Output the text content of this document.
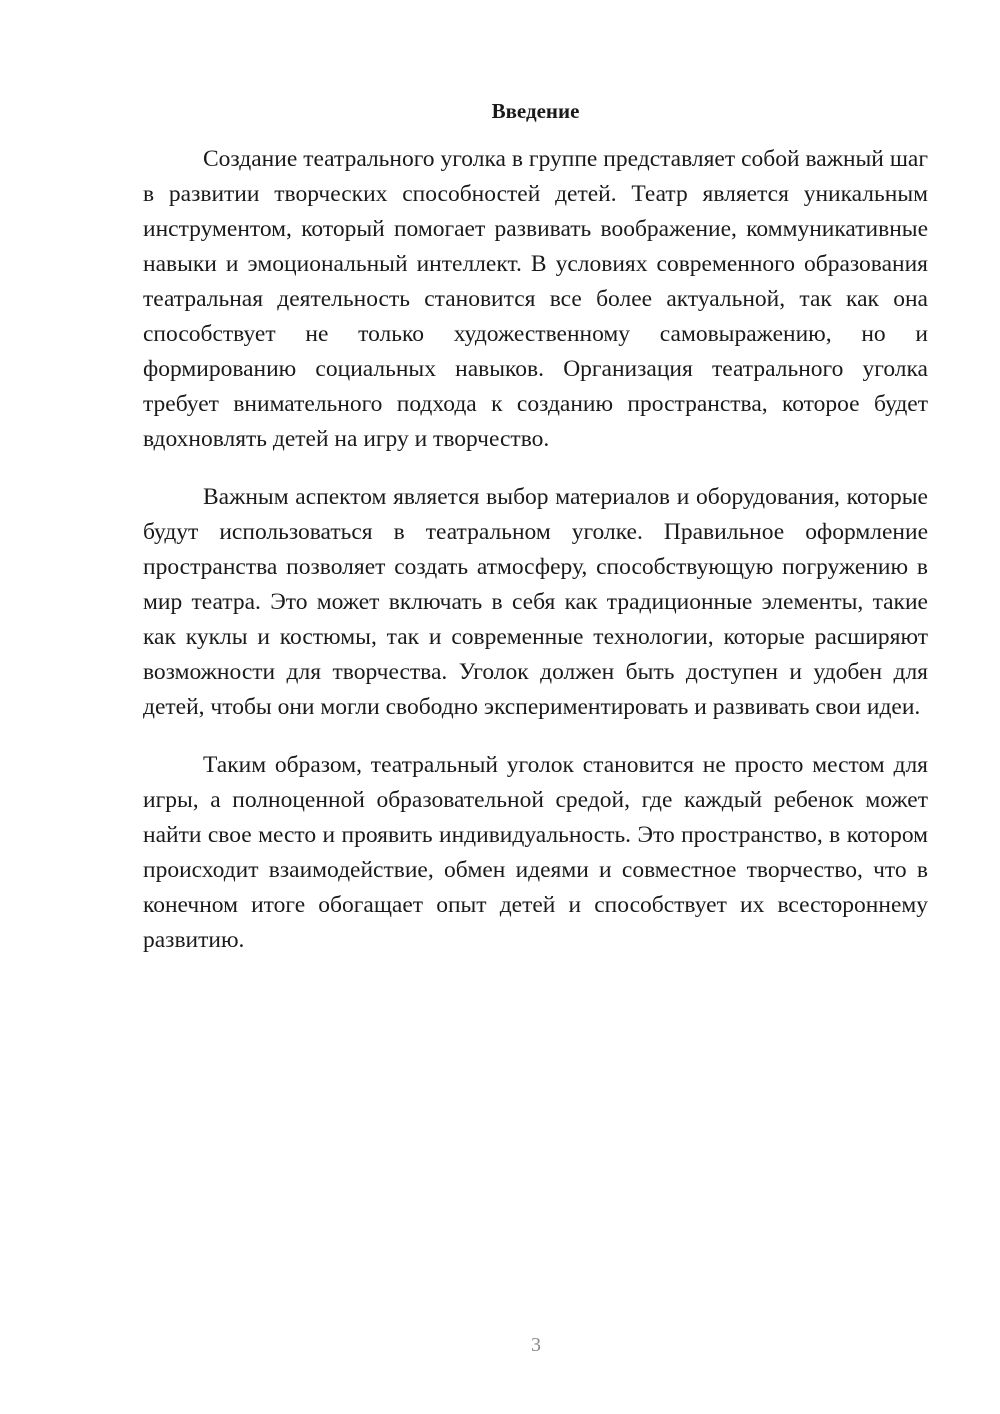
Введение

Создание театрального уголка в группе представляет собой важный шаг в развитии творческих способностей детей. Театр является уникальным инструментом, который помогает развивать воображение, коммуникативные навыки и эмоциональный интеллект. В условиях современного образования театральная деятельность становится все более актуальной, так как она способствует не только художественному самовыражению, но и формированию социальных навыков. Организация театрального уголка требует внимательного подхода к созданию пространства, которое будет вдохновлять детей на игру и творчество.

Важным аспектом является выбор материалов и оборудования, которые будут использоваться в театральном уголке. Правильное оформление пространства позволяет создать атмосферу, способствующую погружению в мир театра. Это может включать в себя как традиционные элементы, такие как куклы и костюмы, так и современные технологии, которые расширяют возможности для творчества. Уголок должен быть доступен и удобен для детей, чтобы они могли свободно экспериментировать и развивать свои идеи.

Таким образом, театральный уголок становится не просто местом для игры, а полноценной образовательной средой, где каждый ребенок может найти свое место и проявить индивидуальность. Это пространство, в котором происходит взаимодействие, обмен идеями и совместное творчество, что в конечном итоге обогащает опыт детей и способствует их всестороннему развитию.

3
